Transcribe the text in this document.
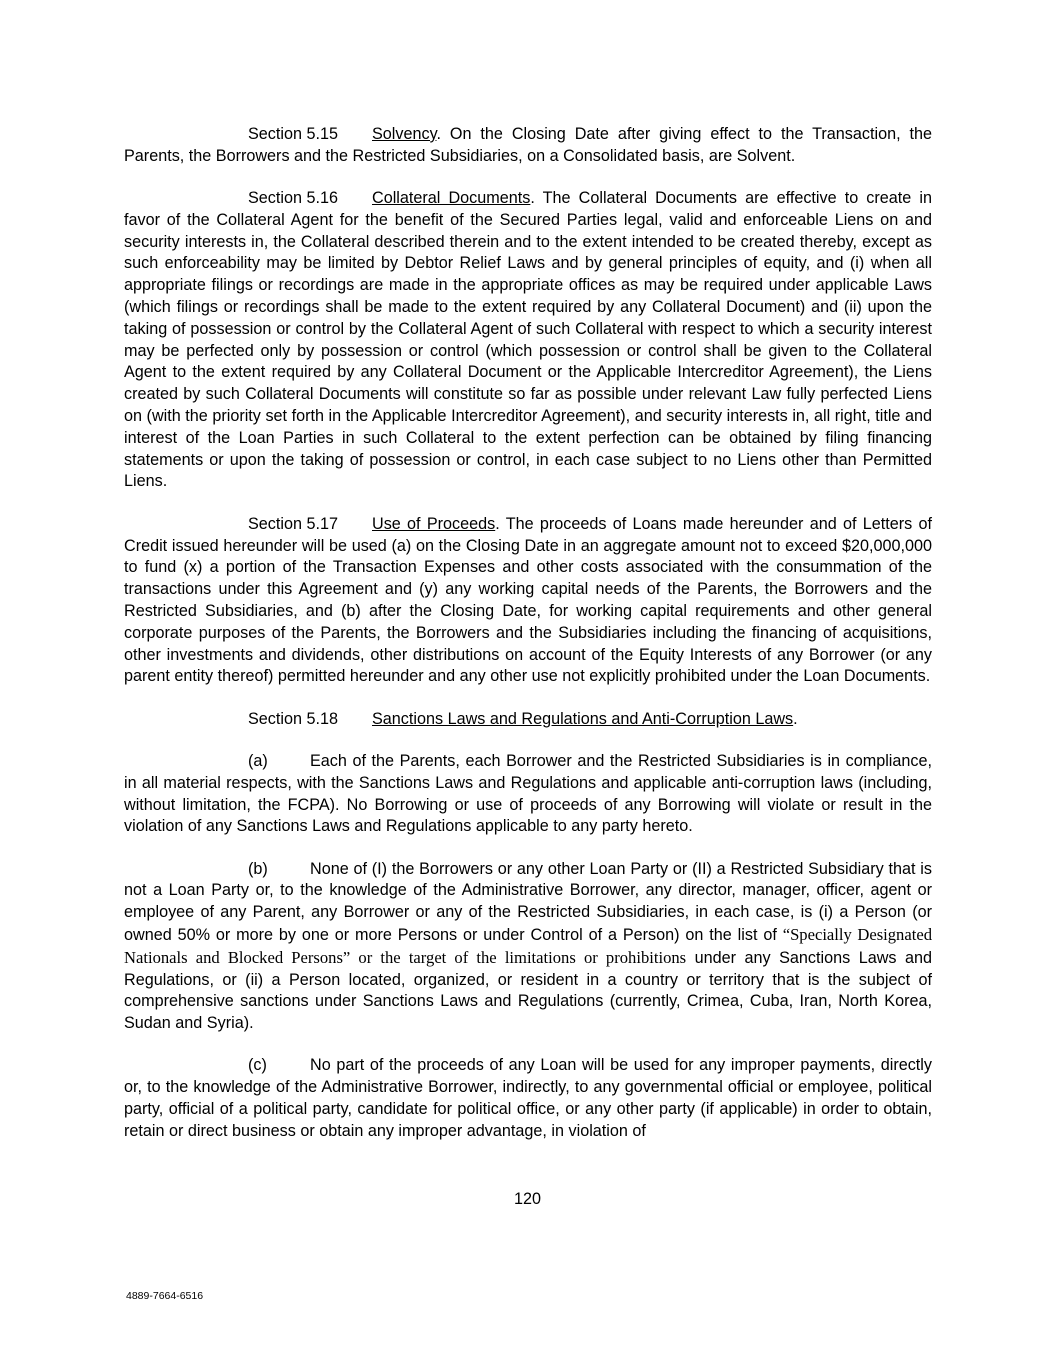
Section 5.15 Solvency. On the Closing Date after giving effect to the Transaction, the Parents, the Borrowers and the Restricted Subsidiaries, on a Consolidated basis, are Solvent.

Section 5.16 Collateral Documents. The Collateral Documents are effective to create in favor of the Collateral Agent for the benefit of the Secured Parties legal, valid and enforceable Liens on and security interests in, the Collateral described therein and to the extent intended to be created thereby, except as such enforceability may be limited by Debtor Relief Laws and by general principles of equity, and (i) when all appropriate filings or recordings are made in the appropriate offices as may be required under applicable Laws (which filings or recordings shall be made to the extent required by any Collateral Document) and (ii) upon the taking of possession or control by the Collateral Agent of such Collateral with respect to which a security interest may be perfected only by possession or control (which possession or control shall be given to the Collateral Agent to the extent required by any Collateral Document or the Applicable Intercreditor Agreement), the Liens created by such Collateral Documents will constitute so far as possible under relevant Law fully perfected Liens on (with the priority set forth in the Applicable Intercreditor Agreement), and security interests in, all right, title and interest of the Loan Parties in such Collateral to the extent perfection can be obtained by filing financing statements or upon the taking of possession or control, in each case subject to no Liens other than Permitted Liens.

Section 5.17 Use of Proceeds. The proceeds of Loans made hereunder and of Letters of Credit issued hereunder will be used (a) on the Closing Date in an aggregate amount not to exceed $20,000,000 to fund (x) a portion of the Transaction Expenses and other costs associated with the consummation of the transactions under this Agreement and (y) any working capital needs of the Parents, the Borrowers and the Restricted Subsidiaries, and (b) after the Closing Date, for working capital requirements and other general corporate purposes of the Parents, the Borrowers and the Subsidiaries including the financing of acquisitions, other investments and dividends, other distributions on account of the Equity Interests of any Borrower (or any parent entity thereof) permitted hereunder and any other use not explicitly prohibited under the Loan Documents.

Section 5.18 Sanctions Laws and Regulations and Anti-Corruption Laws.

(a)	Each of the Parents, each Borrower and the Restricted Subsidiaries is in compliance, in all material respects, with the Sanctions Laws and Regulations and applicable anti-corruption laws (including, without limitation, the FCPA). No Borrowing or use of proceeds of any Borrowing will violate or result in the violation of any Sanctions Laws and Regulations applicable to any party hereto.

(b)	None of (I) the Borrowers or any other Loan Party or (II) a Restricted Subsidiary that is not a Loan Party or, to the knowledge of the Administrative Borrower, any director, manager, officer, agent or employee of any Parent, any Borrower or any of the Restricted Subsidiaries, in each case, is (i) a Person (or owned 50% or more by one or more Persons or under Control of a Person) on the list of “Specially Designated Nationals and Blocked Persons” or the target of the limitations or prohibitions under any Sanctions Laws and Regulations, or (ii) a Person located, organized, or resident in a country or territory that is the subject of comprehensive sanctions under Sanctions Laws and Regulations (currently, Crimea, Cuba, Iran, North Korea, Sudan and Syria).

(c)	No part of the proceeds of any Loan will be used for any improper payments, directly or, to the knowledge of the Administrative Borrower, indirectly, to any governmental official or employee, political party, official of a political party, candidate for political office, or any other party (if applicable) in order to obtain, retain or direct business or obtain any improper advantage, in violation of

120
4889-7664-6516
